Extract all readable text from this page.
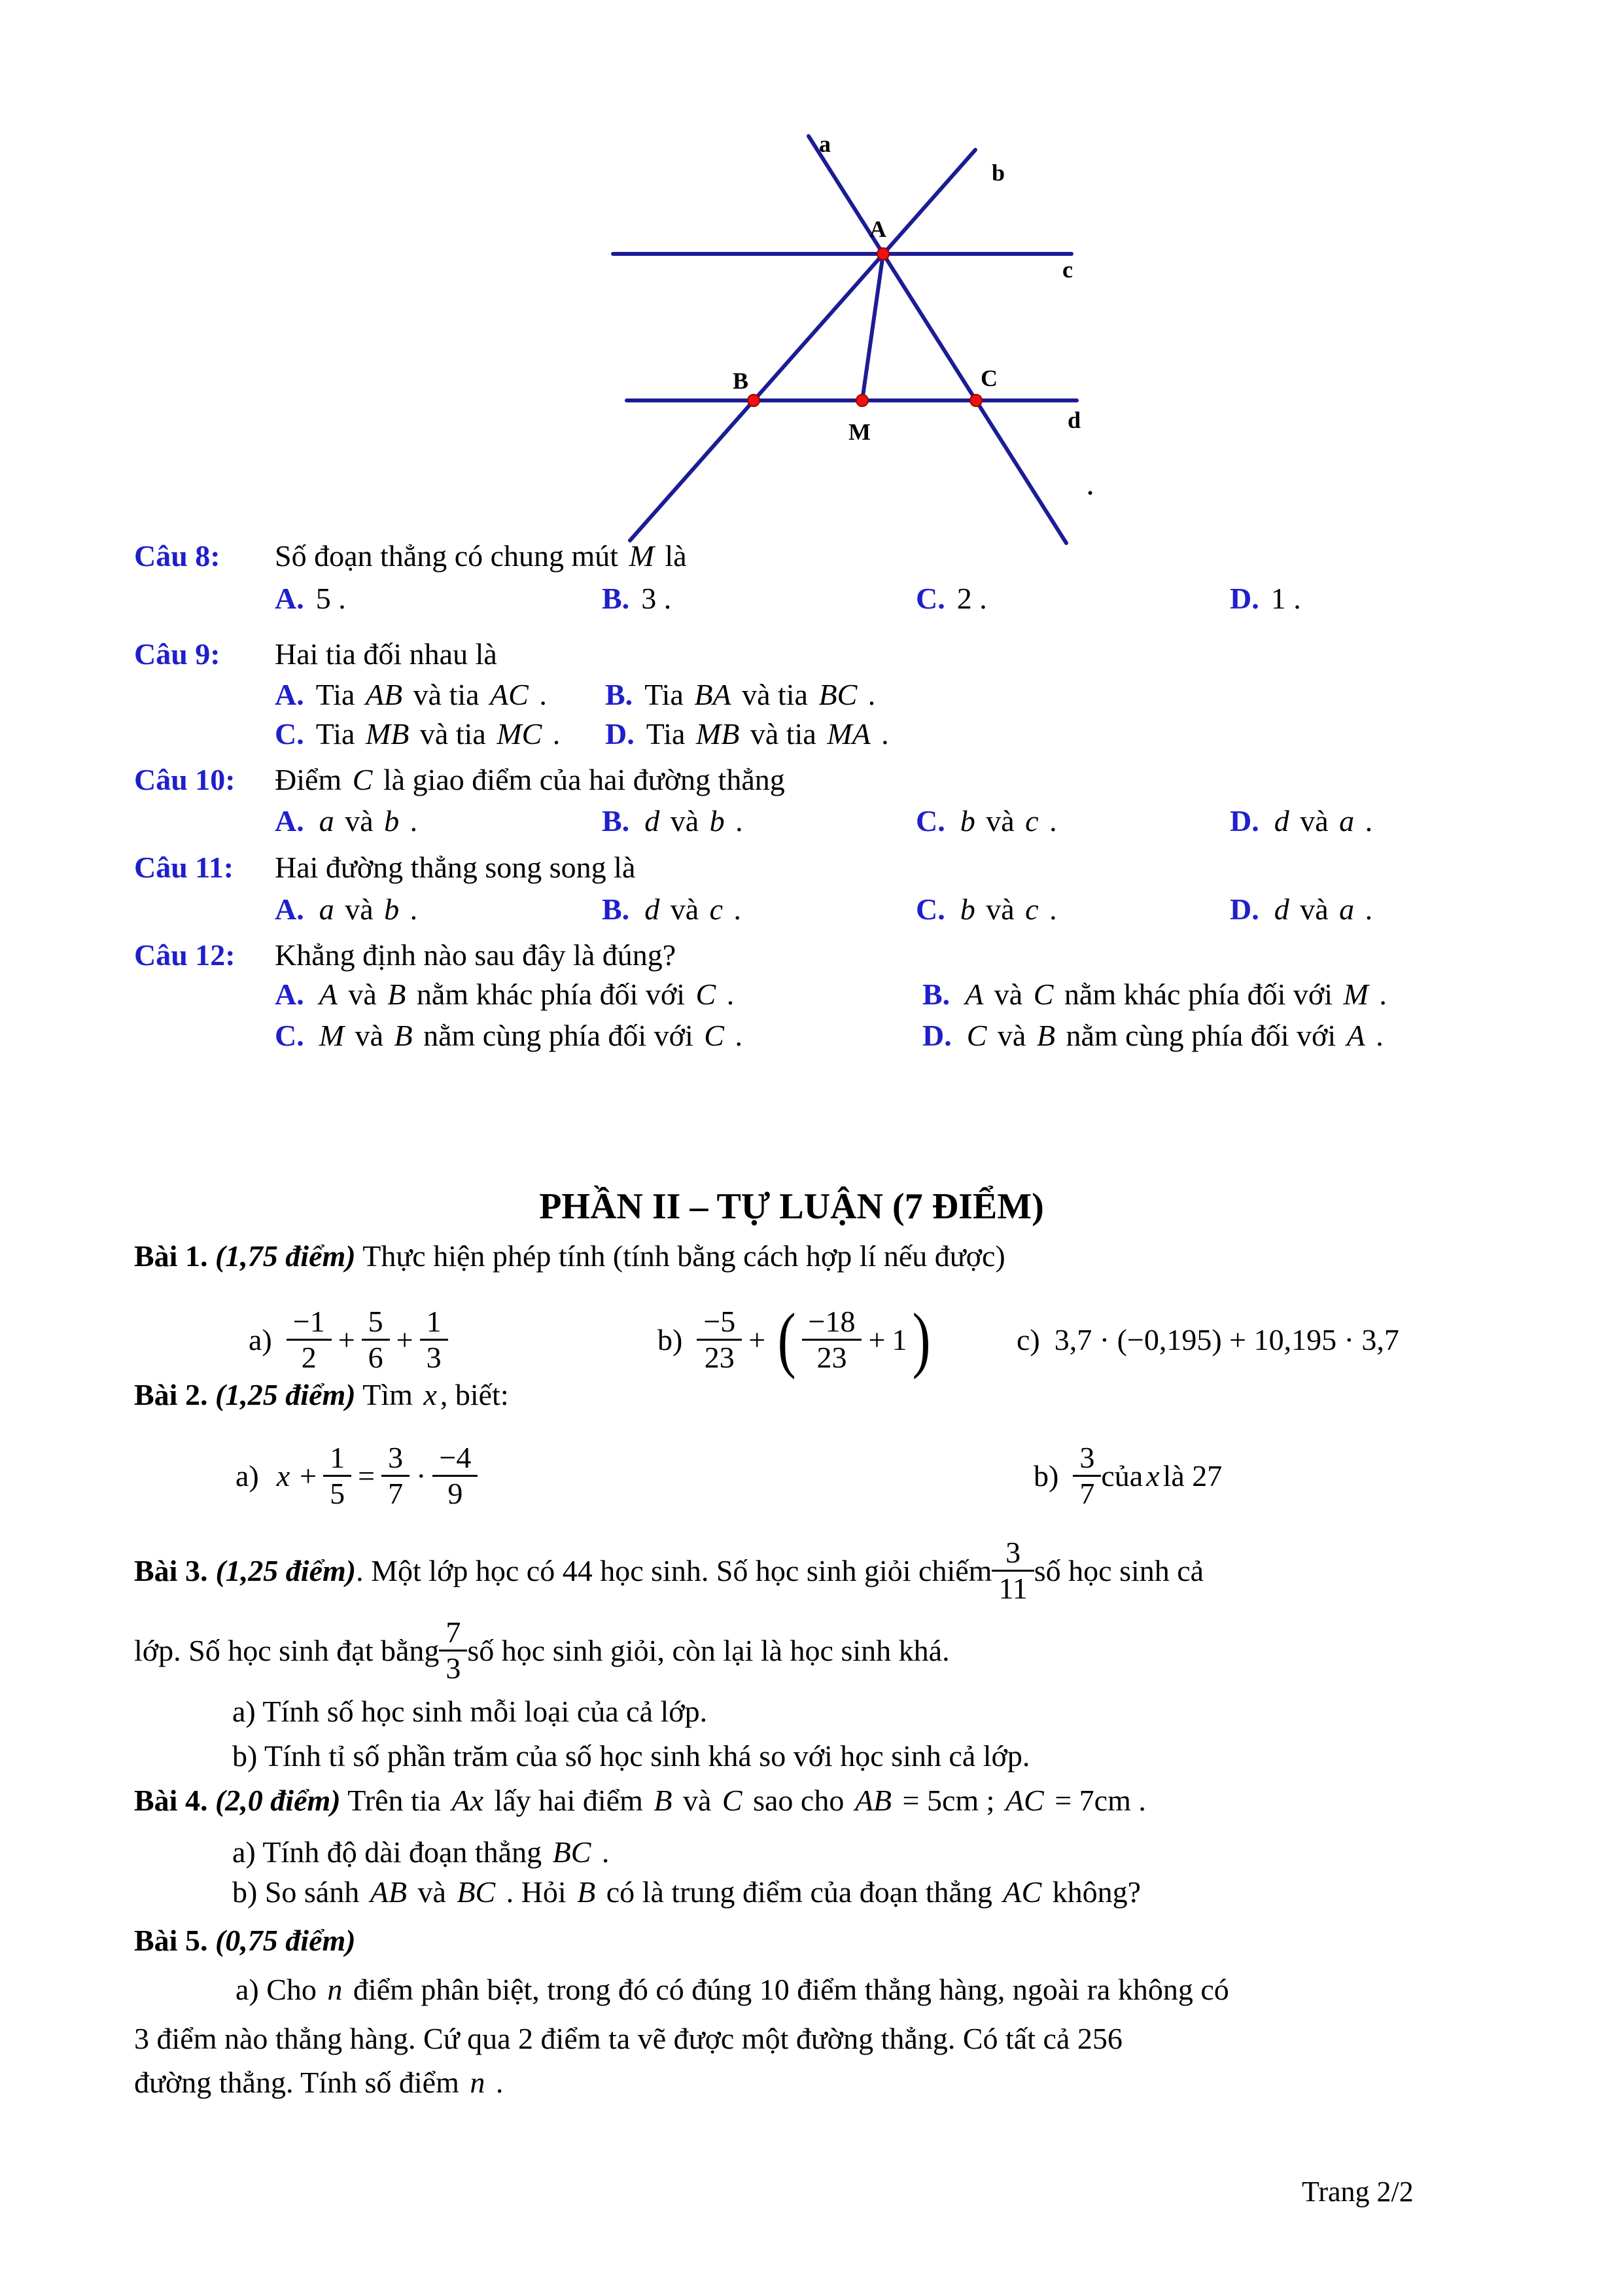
a
b
c
d
A
B	C
M
.
Câu 8: Số đoạn thẳng có chung mút M là
A. 5 .	B. 3 .	C. 2 .	D. 1 .
Câu 9: Hai tia đối nhau là
A. Tia AB và tia AC . B. Tia BA và tia BC .
C. Tia MB và tia MC . D. Tia MB và tia MA .
Câu 10: Điểm C là giao điểm của hai đường thẳng
A. a và b .	B. d và b .	C. b và c .	D. d và a .
Câu 11: Hai đường thẳng song song là
A. a và b .	B. d và c .	C. b và c .	D. d và a .
Câu 12: Khẳng định nào sau đây là đúng?
A. A và B nằm khác phía đối với C .	B. A và C nằm khác phía đối với M .
C. M và B nằm cùng phía đối với C .	D. C và B nằm cùng phía đối với A .
PHẦN II – TỰ LUẬN (7 ĐIỂM)
Bài 1. (1,75 điểm) Thực hiện phép tính (tính bằng cách hợp lí nếu được)
$a) \frac{-1}{2} + \frac{5}{6} + \frac{1}{3}$	$b) \frac{-5}{23}$ + ( $\frac{-18}{23} + 1$ )	c) 3,7 · (−0,195) + 10,195 · 3,7
Bài 2. (1,25 điểm) Tìm x , biết:
a) $x + \frac{1}{5} = \frac{3}{7} \cdot \frac{-4}{9}$	$b) \frac{3}{7}$ của x là 27
Bài 3. (1,25 điểm) . Một lớp học có 44 học sinh. Số học sinh giỏi chiếm $\frac{3}{11}$ số học sinh cả
lớp. Số học sinh đạt bằng $\frac{7}{3}$ số học sinh giỏi, còn lại là học sinh khá.
a) Tính số học sinh mỗi loại của cả lớp.
b) Tính tỉ số phần trăm của số học sinh khá so với học sinh cả lớp.
Bài 4. (2,0 điểm) Trên tia Ax lấy hai điểm B và C sao cho AB = 5cm ; AC = 7cm .
a) Tính độ dài đoạn thẳng BC .
b) So sánh AB và BC . Hỏi B có là trung điểm của đoạn thẳng AC không?
Bài 5. (0,75 điểm)
a) Cho n điểm phân biệt, trong đó có đúng 10 điểm thẳng hàng, ngoài ra không có
3 điểm nào thẳng hàng. Cứ qua 2 điểm ta vẽ được một đường thẳng. Có tất cả 256
đường thẳng. Tính số điểm n .
Trang 2/2
